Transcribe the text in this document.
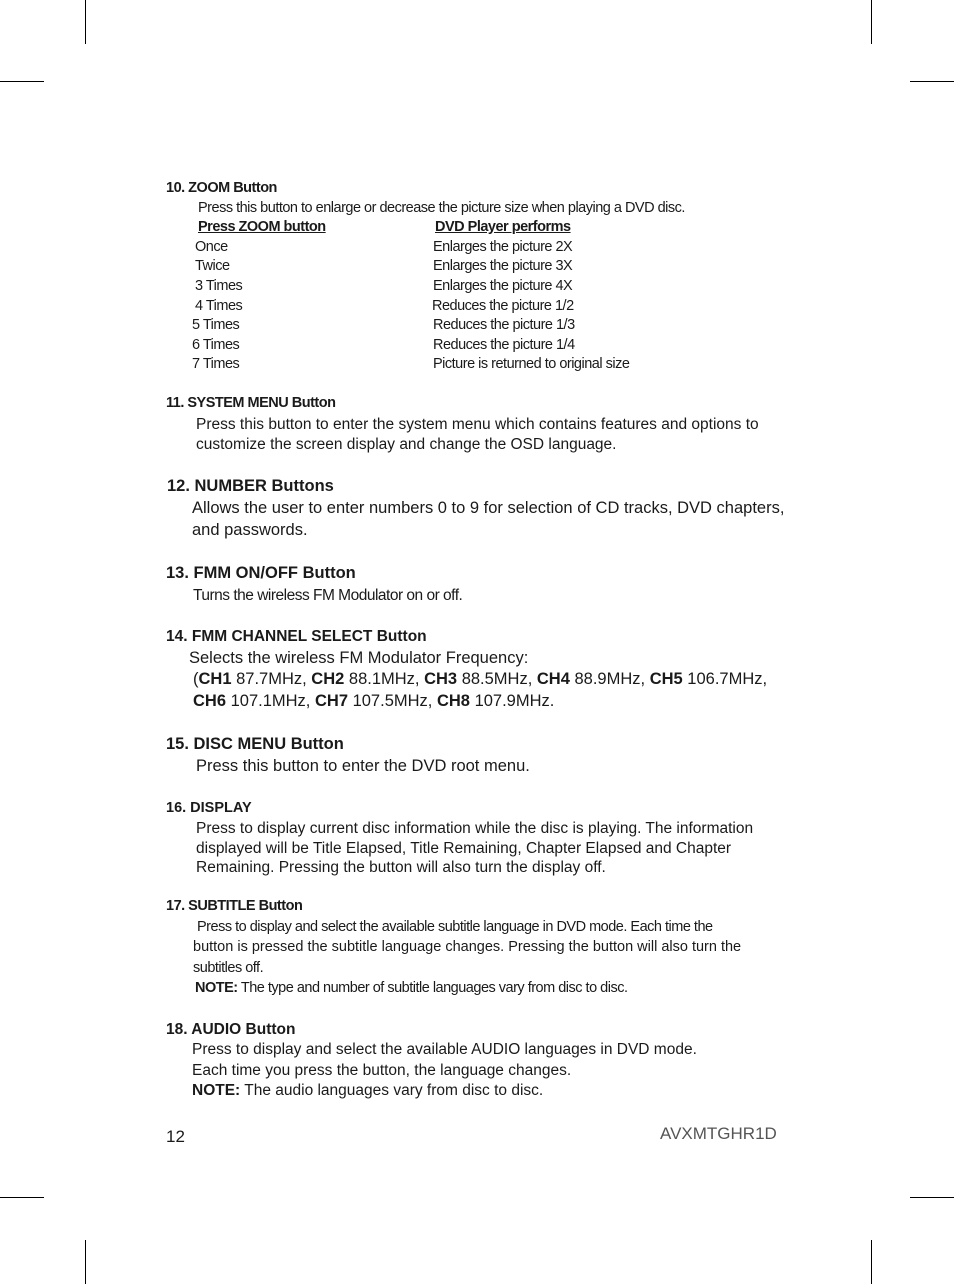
10. ZOOM Button
Press this button to enlarge or decrease the picture size when playing a DVD disc.
Press ZOOM button	DVD Player performs
Once	Enlarges the picture 2X
Twice	Enlarges the picture 3X
3 Times	Enlarges the picture 4X
4 Times	Reduces the picture 1/2
5 Times	Reduces the picture 1/3
6 Times	Reduces the picture 1/4
7 Times	Picture is returned to original size
11. SYSTEM MENU Button
Press this button to enter the system menu which contains features and options to
customize the screen display and change the OSD language.
12. NUMBER Buttons
Allows the user to enter numbers 0 to 9 for selection of CD tracks, DVD chapters,
and passwords.
13. FMM ON/OFF Button
Turns the wireless FM Modulator on or off.
14. FMM CHANNEL SELECT Button
Selects the wireless FM Modulator Frequency:
(CH1 87.7MHz, CH2 88.1MHz, CH3 88.5MHz, CH4 88.9MHz, CH5 106.7MHz,
CH6 107.1MHz, CH7 107.5MHz, CH8 107.9MHz.
15. DISC MENU Button
Press this button to enter the DVD root menu.
16. DISPLAY
Press to display current disc information while the disc is playing. The information
displayed will be Title Elapsed, Title Remaining, Chapter Elapsed and Chapter
Remaining. Pressing the button will also turn the display off.
17. SUBTITLE Button
Press to display and select the available subtitle language in DVD mode. Each time the
button is pressed the subtitle language changes. Pressing the button will also turn the
subtitles off.
NOTE: The type and number of subtitle languages vary from disc to disc.
18. AUDIO Button
Press to display and select the available AUDIO languages in DVD mode.
Each time you press the button, the language changes.
NOTE: The audio languages vary from disc to disc.
12	AVXMTGHR1D
